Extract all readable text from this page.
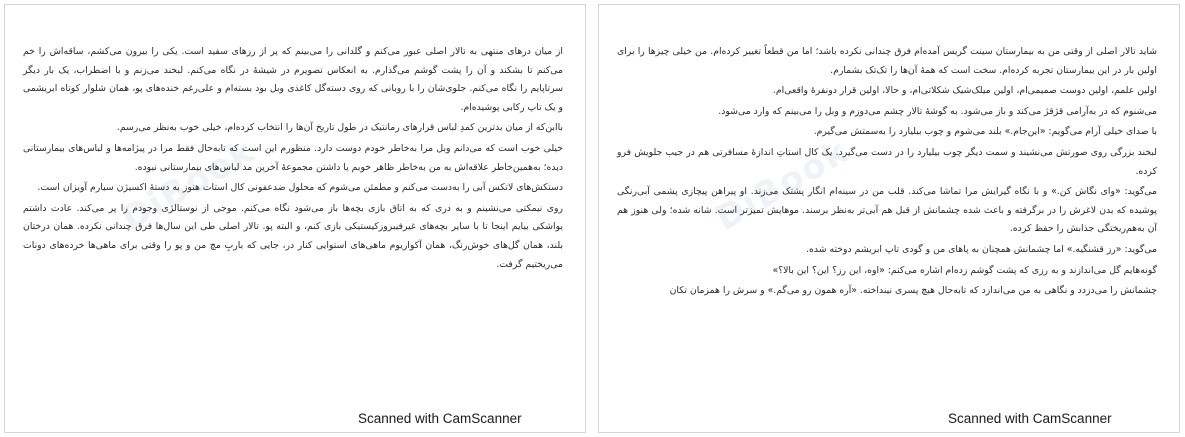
DiBook

از میان درهای منتهی به تالار اصلی عبور می‌کنم و گلدانی را می‌بینم که پر از رزهای سفید است. یکی را بیرون می‌کشم، ساقه‌اش را خم می‌کنم تا بشکند و آن را پشت گوشم می‌گذارم. به انعکاس تصویرم در شیشهٔ در نگاه می‌کنم. لبخند می‌زنم و با اضطراب، یک بار دیگر سرتاپایم را نگاه می‌کنم. جلوی‌شان را با روبانی که روی دسته‌گل کاغذی وبل بود بسته‌ام و علی‌رغم خنده‌های پو، همان شلوار کوتاه ابریشمی و یک تاپ رکابی پوشیده‌ام.

باابن‌که از میان بدترین کمدِ لباس قرارهای رمانتیک در طول تاریخ آن‌ها را انتخاب کرده‌ام، خیلی خوب به‌نظر می‌رسم.

خیلی خوب است که می‌دانم وبل مرا به‌خاطر خودم دوست دارد. منظورم این است که تابه‌حال فقط مرا در پیژامه‌ها و لباس‌های بیمارستانی دیده؛ به‌همین‌خاطر علاقه‌اش به من به‌خاطر ظاهر خوبم یا داشتن مجموعهٔ آخرین مد لباس‌های بیمارستانی نبوده.

دستکش‌های لاتکس آبی را به‌دست می‌کنم و مطمئن می‌شوم که محلول ضدعفونی کال استات هنوز به دستهٔ اکسیژن سیارم آویزان است.

روی نیمکتی می‌نشینم و به دری که به اتاق بازی بچه‌ها باز می‌شود نگاه می‌کنم. موجی از نوستالژی وجودم را پر می‌کند. عادت داشتم یواشکی بیایم اینجا تا با سایر بچه‌های غیرفیبروزکیستیکی بازی کنم، و البته پو. تالار اصلی طی این سال‌ها فرق چندانی نکرده. همان درختان بلند، همان گل‌های خوش‌رنگ، همان آکواریوم ماهی‌های استوایی کنار در، جایی که باربِ مچ من و پو را وقتی برای ماهی‌ها خرده‌های دونات می‌ریختیم گرفت.

Scanned with CamScanner
DiBook

شاید تالار اصلی از وقتی من به بیمارستان سینت گریس آمده‌ام فرق چندانی نکرده باشد؛ اما من قطعاً تغییر کرده‌ام. من خیلی چیزها را برای اولین بار در این بیمارستان تجربه کرده‌ام. سخت است که همهٔ آن‌ها را تک‌تک بشمارم.

اولین علمم، اولین دوست صمیمی‌ام، اولین میلک‌شیک شکلاتی‌ام، و حالا، اولین قرار دونفرهٔ واقعی‌ام.

می‌شنوم که در به‌آرامی قژقژ می‌کند و باز می‌شود. به گوشهٔ تالار چشم می‌دوزم و وبل را می‌بینم که وارد می‌شود.

با صدای خیلی آرام می‌گویم: «این‌جام.» بلند می‌شوم و چوب بیلیارد را به‌سمتش می‌گیرم.

لبخند بزرگی روی صورتش می‌نشیند و سمت دیگر چوب بیلیارد را در دست می‌گیرد. یک کال استاتِ اندازهٔ مسافرتی هم در جیب جلویش فرو کرده.

می‌گوید: «وای نگاش کن.» و با نگاه گیرایش مرا تماشا می‌کند. قلب من در سینه‌ام انگار پشتک می‌زند. او پیراهن پیچازی پشمی آبی‌رنگی پوشیده که بدن لاغرش را در برگرفته و باعث شده چشمانش از قبل هم آبی‌تر به‌نظر برسند. موهایش تمیزتر است. شانه شده؛ ولی هنوز هم آن به‌هم‌ریختگی جذابش را حفظ کرده.

می‌گوید: «رز قشنگیه.» اما چشمانش همچنان به پاهای من و گودی تاپ ابریشم دوخته شده.

گونه‌هایم گل می‌اندازند و به رزی که پشت گوشم زده‌ام اشاره می‌کنم: «اوه، این رز؟ این؟ این بالا؟»

چشمانش را می‌دزدد و نگاهی به من می‌اندازد که تابه‌حال هیچ پسری نینداخته. «آره همون رو می‌گم.» و سرش را همزمان تکان

Scanned with CamScanner
